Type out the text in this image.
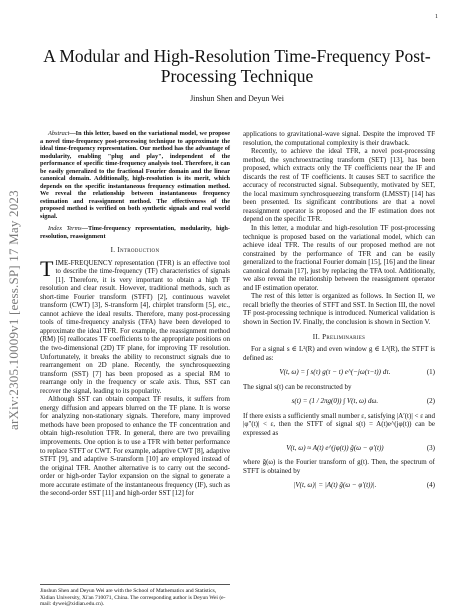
1
arXiv:2305.10009v1 [eess.SP] 17 May 2023
A Modular and High-Resolution Time-Frequency Post-Processing Technique
Jinshun Shen and Deyun Wei
Abstract—In this letter, based on the variational model, we propose a novel time-frequency post-processing technique to approximate the ideal time-frequency representation. Our method has the advantage of modularity, enabling "plug and play", independent of the performance of specific time-frequency analysis tool. Therefore, it can be easily generalized to the fractional Fourier domain and the linear canonical domain. Additionally, high-resolution is its merit, which depends on the specific instantaneous frequency estimation method. We reveal the relationship between instantaneous frequency estimation and reassignment method. The effectiveness of the proposed method is verified on both synthetic signals and real world signal.
Index Terms—Time-frequency representation, modularity, high-resolution, reassignment
I. Introduction

TIME-FREQUENCY representation (TFR) is an effective tool to describe the time-frequency (TF) characteristics of signals [1]. Therefore, it is very important to obtain a high TF resolution and clear result. However, traditional methods, such as short-time Fourier transform (STFT) [2], continuous wavelet transform (CWT) [3], S-transform [4], chirplet transform [5], etc., cannot achieve the ideal results. Therefore, many post-processing tools of time-frequency analysis (TFA) have been developed to approximate the ideal TFR. For example, the reassignment method (RM) [6] reallocates TF coefficients to the appropriate positions on the two-dimensional (2D) TF plane, for improving TF resolution. Unfortunately, it breaks the ability to reconstruct signals due to rearrangement on 2D plane. Recently, the synchrosqueezing transform (SST) [7] has been proposed as a special RM to rearrange only in the frequency or scale axis. Thus, SST can recover the signal, leading to its popularity.

Although SST can obtain compact TF results, it suffers from energy diffusion and appears blurred on the TF plane. It is worse for analyzing non-stationary signals. Therefore, many improved methods have been proposed to enhance the TF concentration and obtain high-resolution TFR. In general, there are two prevailing improvements. One option is to use a TFR with better performance to replace STFT or CWT. For example, adaptive CWT [8], adaptive STFT [9], and adaptive S-transform [10] are employed instead of the original TFR. Another alternative is to carry out the second-order or high-order Taylor expansion on the signal to generate a more accurate estimate of the instantaneous frequency (IF), such as the second-order SST [11] and high-order SST [12] for

Jinshun Shen and Deyun Wei are with the School of Mathematics and Statistics, Xidian University, Xi'an 710071, China. The corresponding author is Deyun Wei (e-mail: dywei@xidian.edu.cn).

applications to gravitational-wave signal. Despite the improved TF resolution, the computational complexity is their drawback.

Recently, to achieve the ideal TFR, a novel post-processing method, the synchroextracting transform (SET) [13], has been proposed, which extracts only the TF coefficients near the IF and discards the rest of TF coefficients. It causes SET to sacrifice the accuracy of reconstructed signal. Subsequently, motivated by SET, the local maximum synchrosqueezing transform (LMSST) [14] has been presented. Its significant contributions are that a novel reassignment operator is proposed and the IF estimation does not depend on the specific TFR.

In this letter, a modular and high-resolution TF post-processing technique is proposed based on the variational model, which can achieve ideal TFR. The results of our proposed method are not constrained by the performance of TFR and can be easily generalized to the fractional Fourier domain [15], [16] and the linear canonical domain [17], just by replacing the TFA tool. Additionally, we also reveal the relationship between the reassignment operator and IF estimation operator.

The rest of this letter is organized as follows. In Section II, we recall briefly the theories of STFT and SST. In Section III, the novel TF post-processing technique is introduced. Numerical validation is shown in Section IV. Finally, the conclusion is shown in Section V.

II. Preliminaries

For a signal s ∈ L²(R) and even window g ∈ L²(R), the STFT is defined as:

V(t, ω) = ∫ s(τ) g(τ − t) e^(−jω(τ−t)) dτ.	(1)

The signal s(t) can be reconstructed by

s(t) = (1 / 2πg(0)) ∫ V(t, ω) dω.	(2)

If there exists a sufficiently small number ε, satisfying |A′(t)| < ε and |φ″(t)| < ε, then the STFT of signal s(t) = A(t)e^(jφ(t)) can be expressed as

V(t, ω) ≈ A(t) e^(jφ(t)) ĝ(ω − φ′(t))	(3)

where ĝ(ω) is the Fourier transform of g(t). Then, the spectrum of STFT is obtained by

|V(t, ω)| = |A(t) ĝ(ω − φ′(t))|.	(4)
